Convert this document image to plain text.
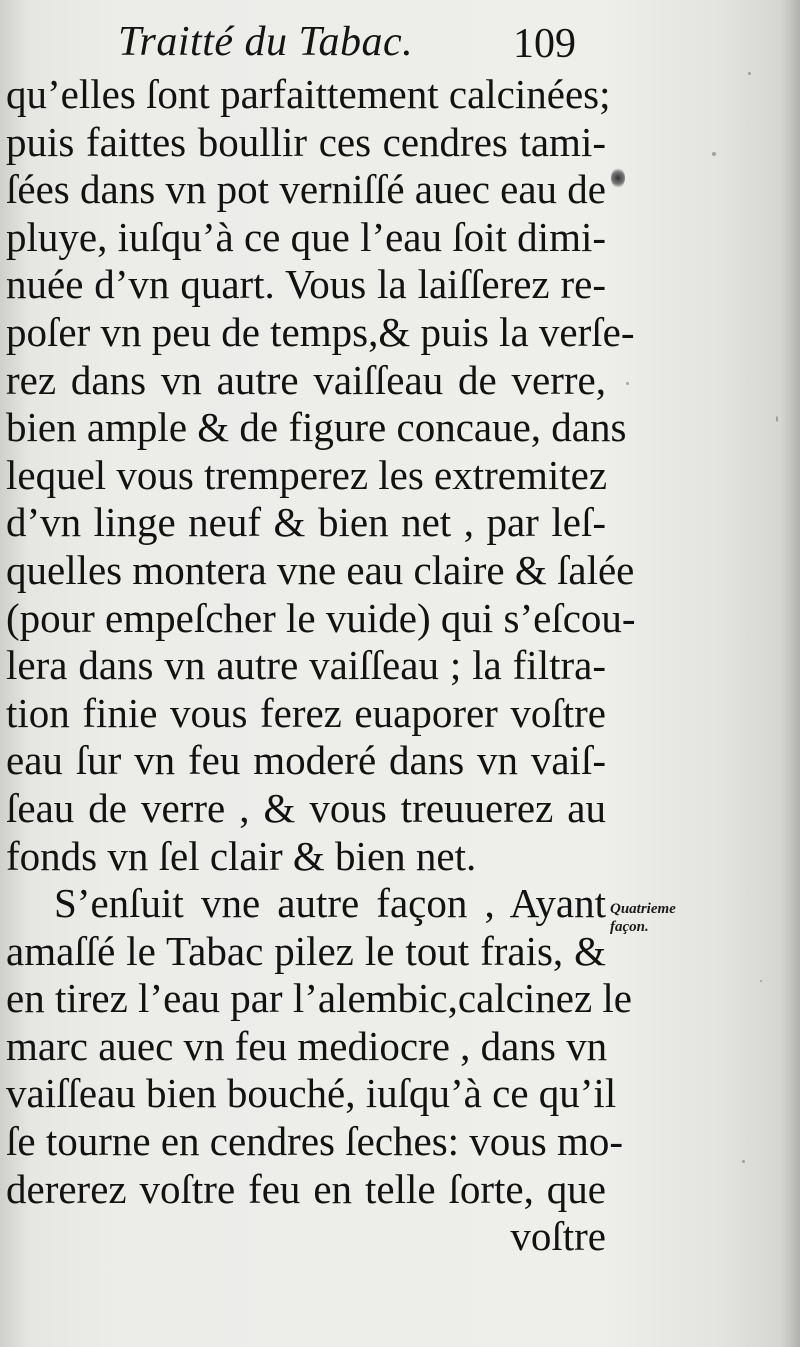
Traitté du Tabac. 109
qu’elles ſont parfaittement calcinées;
puis faittes boullir ces cendres tami-
ſées dans vn pot verniſſé auec eau de
pluye, iuſqu’à ce que l’eau ſoit dimi-
nuée d’vn quart. Vous la laiſſerez re-
poſer vn peu de temps,& puis la verſe-
rez dans vn autre vaiſſeau de verre,
bien ample & de figure concaue, dans
lequel vous tremperez les extremitez
d’vn linge neuf & bien net , par leſ-
quelles montera vne eau claire & ſalée
(pour empeſcher le vuide) qui s’eſcou-
lera dans vn autre vaiſſeau ; la filtra-
tion finie vous ferez euaporer voſtre
eau ſur vn feu moderé dans vn vaiſ-
ſeau de verre , & vous treuuerez au
fonds vn ſel clair & bien net.
S’enſuit vne autre façon , Ayant
amaſſé le Tabac pilez le tout frais, &
en tirez l’eau par l’alembic,calcinez le
marc auec vn feu mediocre , dans vn
vaiſſeau bien bouché, iuſqu’à ce qu’il
ſe tourne en cendres ſeches: vous mo-
dererez voſtre feu en telle ſorte, que
voſtre
Quatrieme
façon.
